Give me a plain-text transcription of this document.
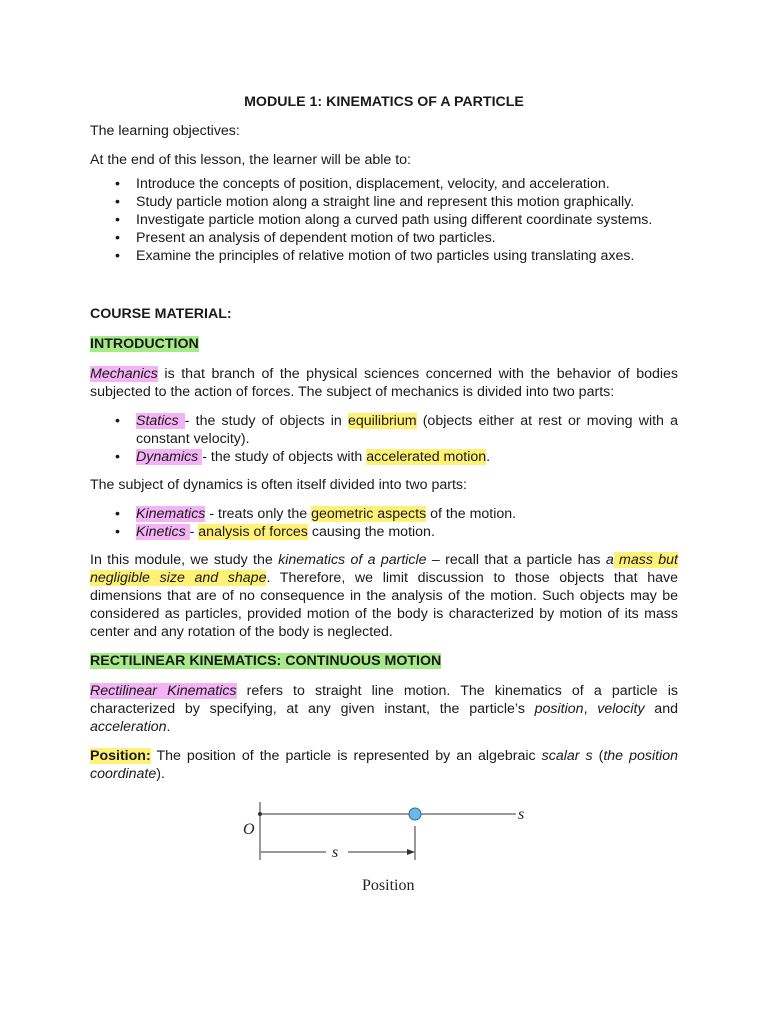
MODULE 1: KINEMATICS OF A PARTICLE

The learning objectives:

At the end of this lesson, the learner will be able to:

• Introduce the concepts of position, displacement, velocity, and acceleration.
• Study particle motion along a straight line and represent this motion graphically.
• Investigate particle motion along a curved path using different coordinate systems.
• Present an analysis of dependent motion of two particles.
• Examine the principles of relative motion of two particles using translating axes.

COURSE MATERIAL:

INTRODUCTION

Mechanics is that branch of the physical sciences concerned with the behavior of bodies subjected to the action of forces. The subject of mechanics is divided into two parts:

• Statics - the study of objects in equilibrium (objects either at rest or moving with a constant velocity).
• Dynamics - the study of objects with accelerated motion.

The subject of dynamics is often itself divided into two parts:

• Kinematics - treats only the geometric aspects of the motion.
• Kinetics - analysis of forces causing the motion.

In this module, we study the kinematics of a particle – recall that a particle has a mass but negligible size and shape. Therefore, we limit discussion to those objects that have dimensions that are of no consequence in the analysis of the motion. Such objects may be considered as particles, provided motion of the body is characterized by motion of its mass center and any rotation of the body is neglected.

RECTILINEAR KINEMATICS: CONTINUOUS MOTION

Rectilinear Kinematics refers to straight line motion. The kinematics of a particle is characterized by specifying, at any given instant, the particle’s position, velocity and acceleration.

Position: The position of the particle is represented by an algebraic scalar s (the position coordinate).

O
s
s
Position
